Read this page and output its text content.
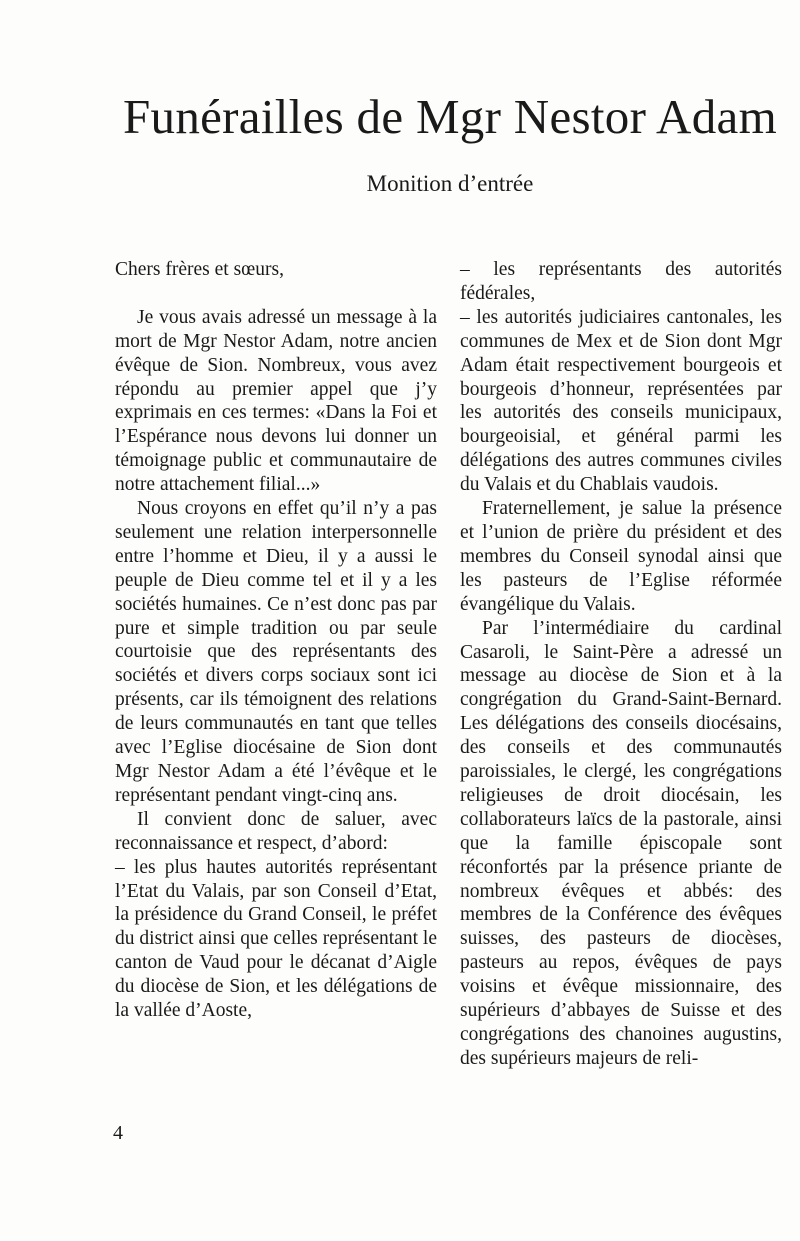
Funérailles de Mgr Nestor Adam
Monition d’entrée

Chers frères et sœurs,

Je vous avais adressé un message à la mort de Mgr Nestor Adam, notre ancien évêque de Sion. Nombreux, vous avez répondu au premier appel que j’y exprimais en ces termes: «Dans la Foi et l’Espérance nous devons lui donner un témoignage public et communautaire de notre attachement filial...»

Nous croyons en effet qu’il n’y a pas seulement une relation interpersonnelle entre l’homme et Dieu, il y a aussi le peuple de Dieu comme tel et il y a les sociétés humaines. Ce n’est donc pas par pure et simple tradition ou par seule courtoisie que des représentants des sociétés et divers corps sociaux sont ici présents, car ils témoignent des relations de leurs communautés en tant que telles avec l’Eglise diocésaine de Sion dont Mgr Nestor Adam a été l’évêque et le représentant pendant vingt-cinq ans.

Il convient donc de saluer, avec reconnaissance et respect, d’abord:

– les plus hautes autorités représentant l’Etat du Valais, par son Conseil d’Etat, la présidence du Grand Conseil, le préfet du district ainsi que celles représentant le canton de Vaud pour le décanat d’Aigle du diocèse de Sion, et les délégations de la vallée d’Aoste,

– les représentants des autorités fédérales,

– les autorités judiciaires cantonales, les communes de Mex et de Sion dont Mgr Adam était respectivement bourgeois et bourgeois d’honneur, représentées par les autorités des conseils municipaux, bourgeoisial, et général parmi les délégations des autres communes civiles du Valais et du Chablais vaudois.

Fraternellement, je salue la présence et l’union de prière du président et des membres du Conseil synodal ainsi que les pasteurs de l’Eglise réformée évangélique du Valais.

Par l’intermédiaire du cardinal Casaroli, le Saint-Père a adressé un message au diocèse de Sion et à la congrégation du Grand-Saint-Bernard. Les délégations des conseils diocésains, des conseils et des communautés paroissiales, le clergé, les congrégations religieuses de droit diocésain, les collaborateurs laïcs de la pastorale, ainsi que la famille épiscopale sont réconfortés par la présence priante de nombreux évêques et abbés: des membres de la Conférence des évêques suisses, des pasteurs de diocèses, pasteurs au repos, évêques de pays voisins et évêque missionnaire, des supérieurs d’abbayes de Suisse et des congrégations des chanoines augustins, des supérieurs majeurs de reli-

4
